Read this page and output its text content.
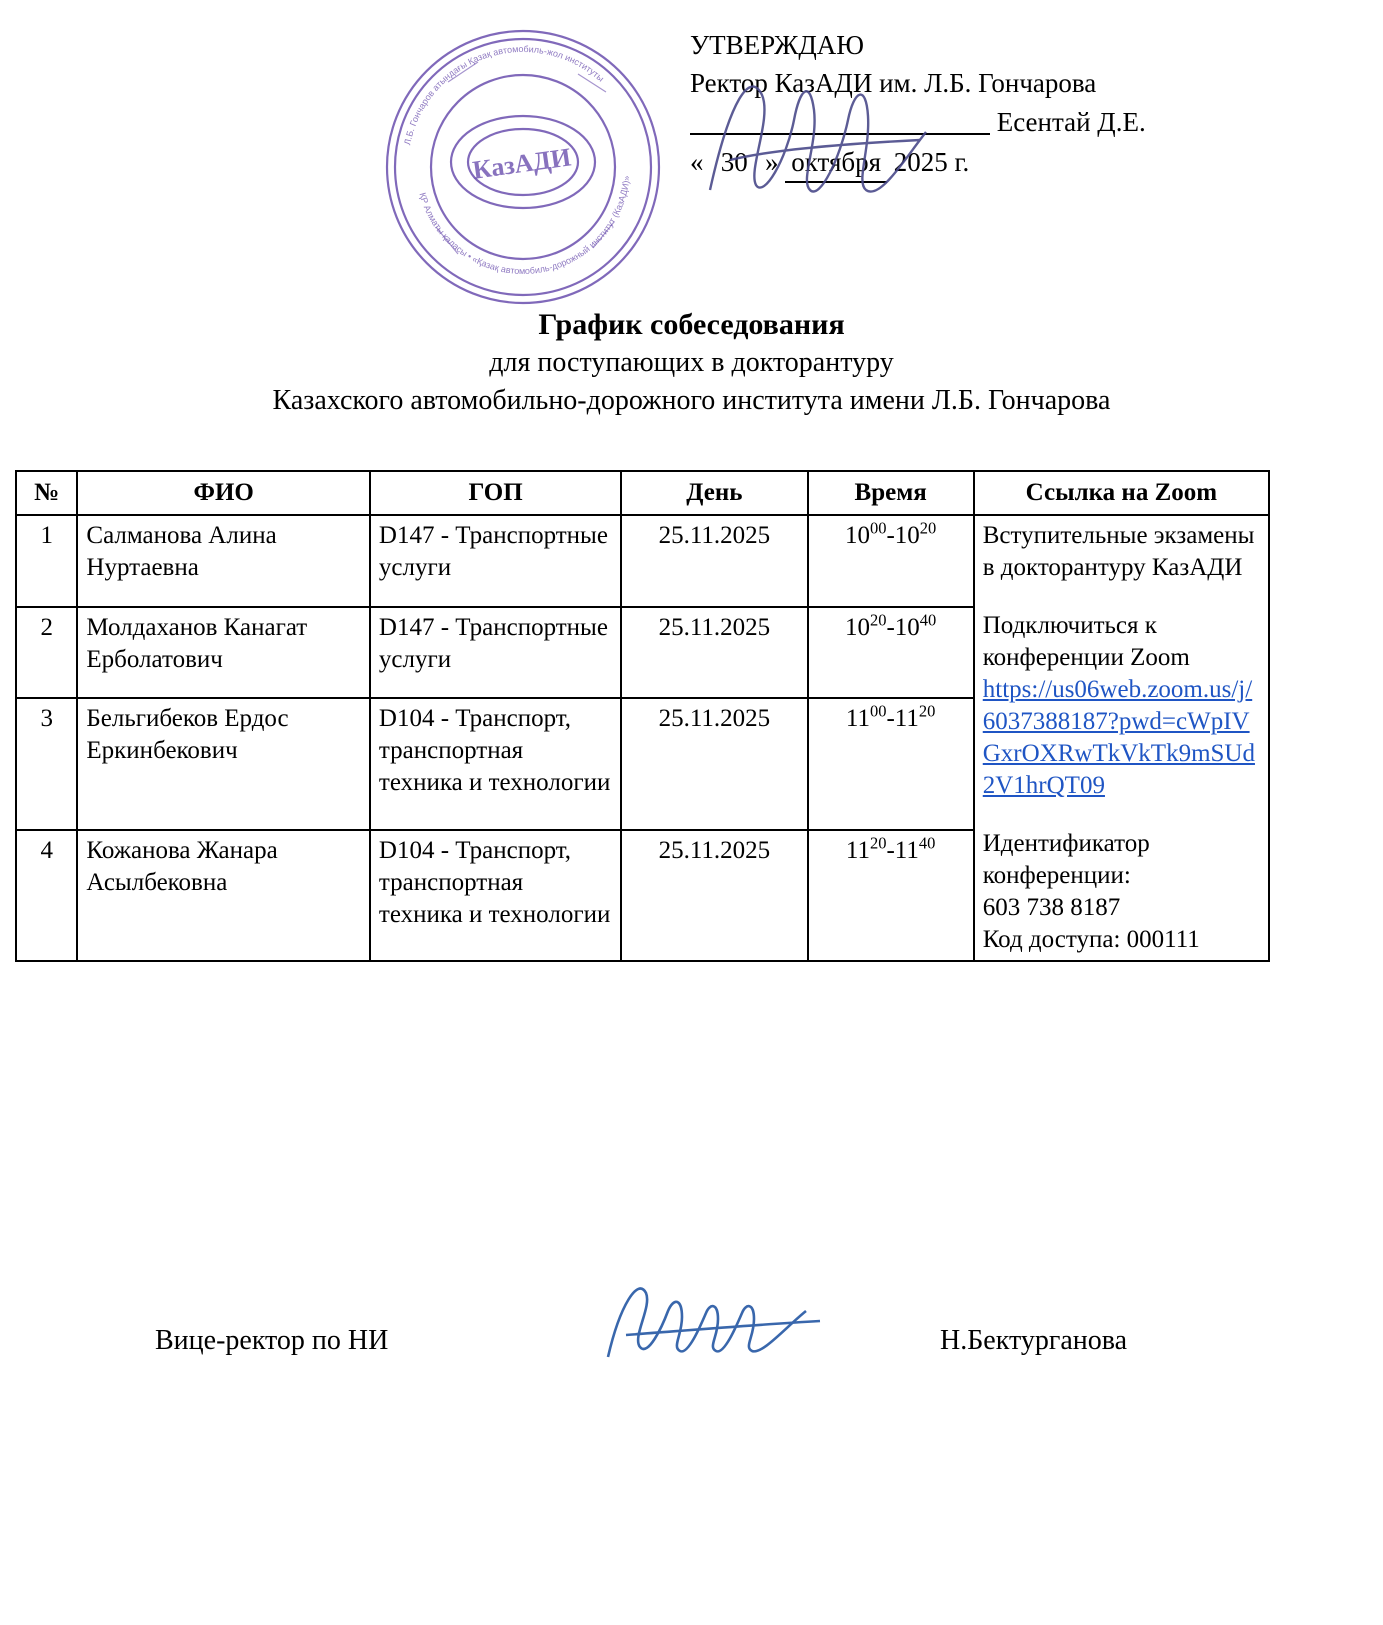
УТВЕРЖДАЮ
Ректор КазАДИ им. Л.Б. Гончарова
Есентай Д.Е.
« 30 » октября 2025 г.
КазАДИ
Л.Б. Гончаров атындағы Қазақ автомобиль-жол институты
ҚР Алматы қаласы • «Қазақ автомобиль-дорожный институт (КазАДИ)»
График собеседования
для поступающих в докторантуру
Казахского автомобильно-дорожного института имени Л.Б. Гончарова
№	ФИО	ГОП	День	Время	Ссылка на Zoom
1	Салманова Алина Нуртаевна	D147 - Транспортные услуги	25.11.2025	$10^{00}-10^{20}$	Вступительные экзамены в докторантуру КазАДИ

Подключиться к конференции Zoom

https://us06web.zoom.us/j/6037388187?pwd=cWpIVGxrOXRwTkVkTk9mSUd2V1hrQT09

Идентификатор конференции:

603 738 8187

Код доступа: 000111

2	Молдаханов Канагат Ерболатович	D147 - Транспортные услуги	25.11.2025	$10^{20}-10^{40}$
3	Бельгибеков Ердос Еркинбекович	D104 - Транспорт, транспортная техника и технологии	25.11.2025	$11^{00}-11^{20}$
4	Кожанова Жанара Асылбековна	D104 - Транспорт, транспортная техника и технологии	25.11.2025	$11^{20}-11^{40}$
Вице-ректор по НИ	Н.Бектурганова
